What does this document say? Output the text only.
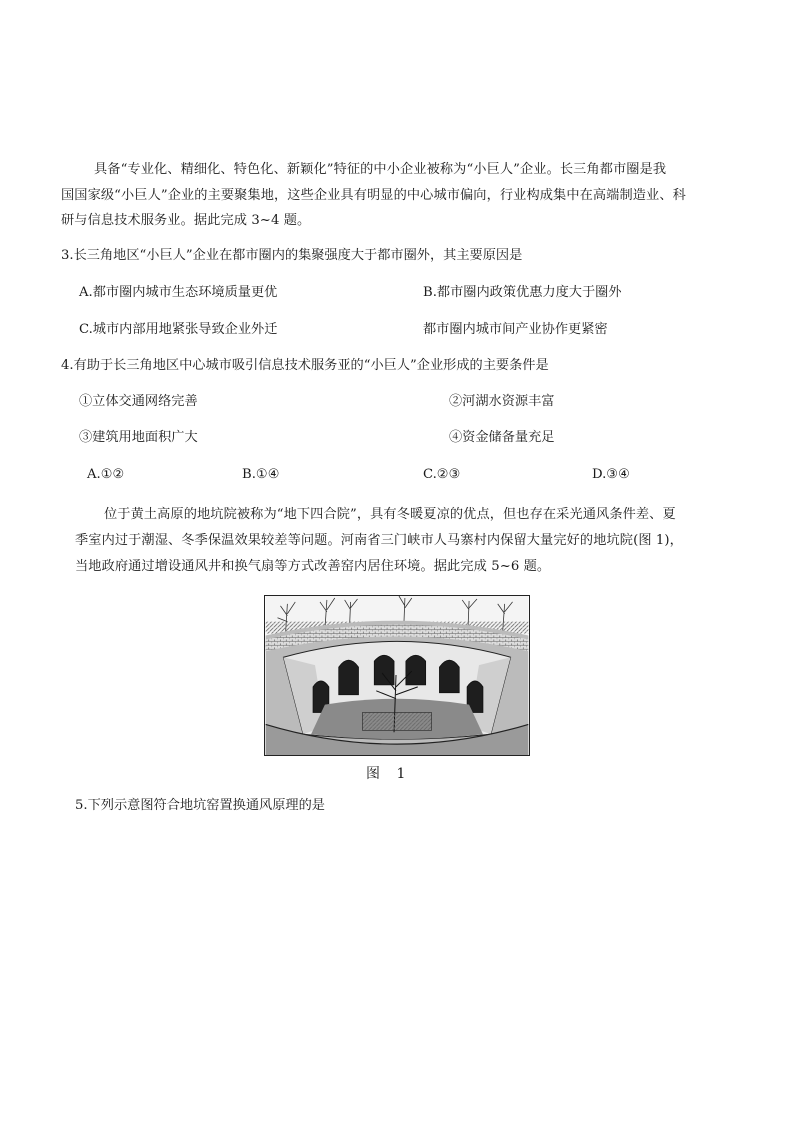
具备“专业化、精细化、特色化、新颖化”特征的中小企业被称为“小巨人”企业。长三角都市圈是我
国国家级“小巨人”企业的主要聚集地，这些企业具有明显的中心城市偏向，行业构成集中在高端制造业、科
研与信息技术服务业。据此完成 3~4 题。
3.长三角地区“小巨人”企业在都市圈内的集聚强度大于都市圈外，其主要原因是
A.都市圈内城市生态环境质量更优	B.都市圈内政策优惠力度大于圈外
C.城市内部用地紧张导致企业外迁	都市圈内城市间产业协作更紧密
4.有助于长三角地区中心城市吸引信息技术服务亚的“小巨人”企业形成的主要条件是
①立体交通网络完善	②河湖水资源丰富
③建筑用地面积广大	④资金储备量充足
A.①②	B.①④	C.②③	D.③④
位于黄土高原的地坑院被称为“地下四合院”，具有冬暖夏凉的优点，但也存在采光通风条件差、夏
季室内过于潮湿、冬季保温效果较差等问题。河南省三门峡市人马寨村内保留大量完好的地坑院(图 1)，
当地政府通过增设通风井和换气扇等方式改善窑内居住环境。据此完成 5~6 题。
图 1
5.下列示意图符合地坑窑置换通风原理的是
